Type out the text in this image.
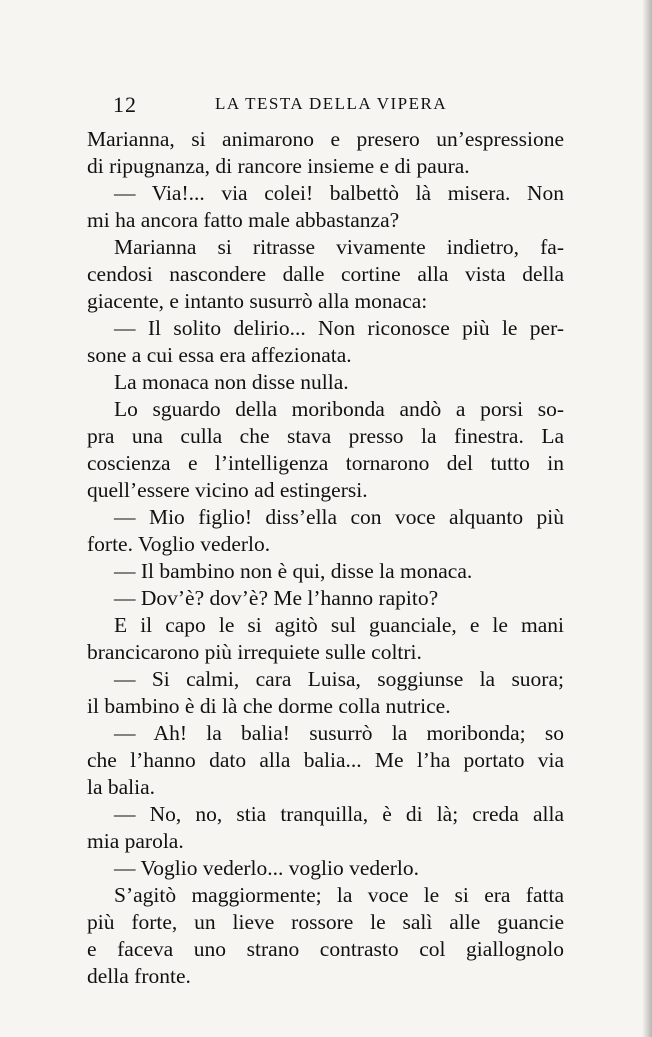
12	LA TESTA DELLA VIPERA
Marianna, si animarono e presero un’espressione
di ripugnanza, di rancore insieme e di paura.
— Via!... via colei! balbettò là misera. Non
mi ha ancora fatto male abbastanza?
Marianna si ritrasse vivamente indietro, fa-
cendosi nascondere dalle cortine alla vista della
giacente, e intanto susurrò alla monaca:
— Il solito delirio... Non riconosce più le per-
sone a cui essa era affezionata.
La monaca non disse nulla.
Lo sguardo della moribonda andò a porsi so-
pra una culla che stava presso la finestra. La
coscienza e l’intelligenza tornarono del tutto in
quell’essere vicino ad estingersi.
— Mio figlio! diss’ella con voce alquanto più
forte. Voglio vederlo.
— Il bambino non è qui, disse la monaca.
— Dov’è? dov’è? Me l’hanno rapito?
E il capo le si agitò sul guanciale, e le mani
brancicarono più irrequiete sulle coltri.
— Si calmi, cara Luisa, soggiunse la suora;
il bambino è di là che dorme colla nutrice.
— Ah! la balia! susurrò la moribonda; so
che l’hanno dato alla balia... Me l’ha portato via
la balia.
— No, no, stia tranquilla, è di là; creda alla
mia parola.
— Voglio vederlo... voglio vederlo.
S’agitò maggiormente; la voce le si era fatta
più forte, un lieve rossore le salì alle guancie
e faceva uno strano contrasto col giallognolo
della fronte.
